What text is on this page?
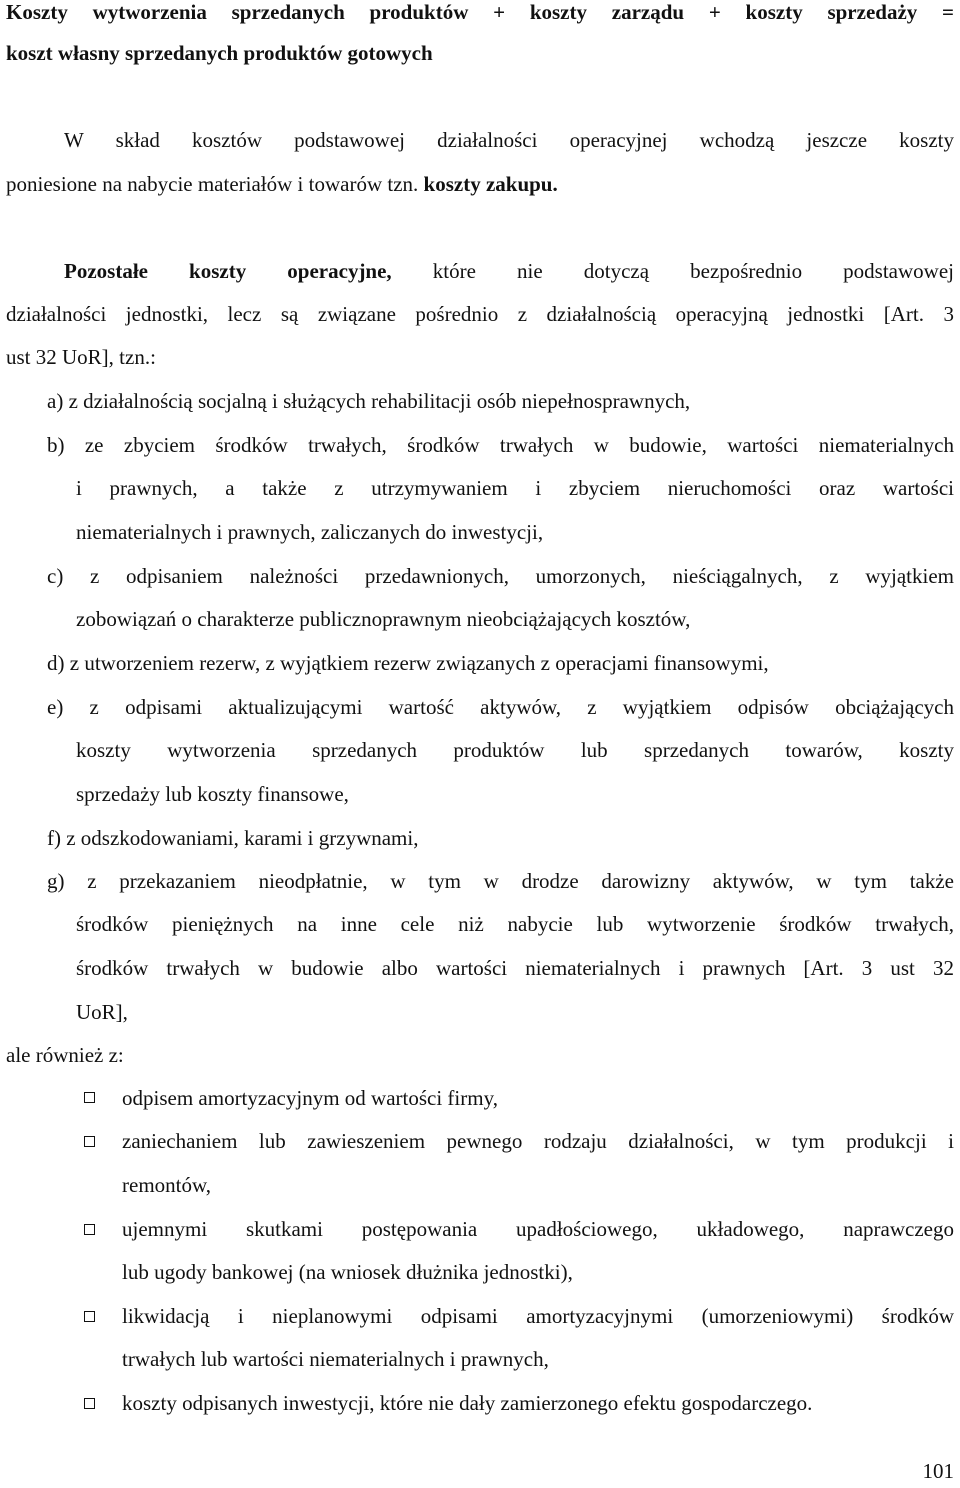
Koszty wytworzenia sprzedanych produktów + koszty zarządu + koszty sprzedaży =
koszt własny sprzedanych produktów gotowych
W skład kosztów podstawowej działalności operacyjnej wchodzą jeszcze koszty
poniesione na nabycie materiałów i towarów tzn. koszty zakupu.
Pozostałe koszty operacyjne, które nie dotyczą bezpośrednio podstawowej
działalności jednostki, lecz są związane pośrednio z działalnością operacyjną jednostki [Art. 3
ust 32 UoR], tzn.:
a) z działalnością socjalną i służących rehabilitacji osób niepełnosprawnych,
b) ze zbyciem środków trwałych, środków trwałych w budowie, wartości niematerialnych
i prawnych, a także z utrzymywaniem i zbyciem nieruchomości oraz wartości
niematerialnych i prawnych, zaliczanych do inwestycji,
c) z odpisaniem należności przedawnionych, umorzonych, nieściągalnych, z wyjątkiem
zobowiązań o charakterze publicznoprawnym nieobciążających kosztów,
d) z utworzeniem rezerw, z wyjątkiem rezerw związanych z operacjami finansowymi,
e) z odpisami aktualizującymi wartość aktywów, z wyjątkiem odpisów obciążających
koszty wytworzenia sprzedanych produktów lub sprzedanych towarów, koszty
sprzedaży lub koszty finansowe,
f) z odszkodowaniami, karami i grzywnami,
g) z przekazaniem nieodpłatnie, w tym w drodze darowizny aktywów, w tym także
środków pieniężnych na inne cele niż nabycie lub wytworzenie środków trwałych,
środków trwałych w budowie albo wartości niematerialnych i prawnych [Art. 3 ust 32
UoR],
ale również z:
odpisem amortyzacyjnym od wartości firmy,
zaniechaniem lub zawieszeniem pewnego rodzaju działalności, w tym produkcji i
remontów,
ujemnymi skutkami postępowania upadłościowego, układowego, naprawczego
lub ugody bankowej (na wniosek dłużnika jednostki),
likwidacją i nieplanowymi odpisami amortyzacyjnymi (umorzeniowymi) środków
trwałych lub wartości niematerialnych i prawnych,
koszty odpisanych inwestycji, które nie dały zamierzonego efektu gospodarczego.
101
